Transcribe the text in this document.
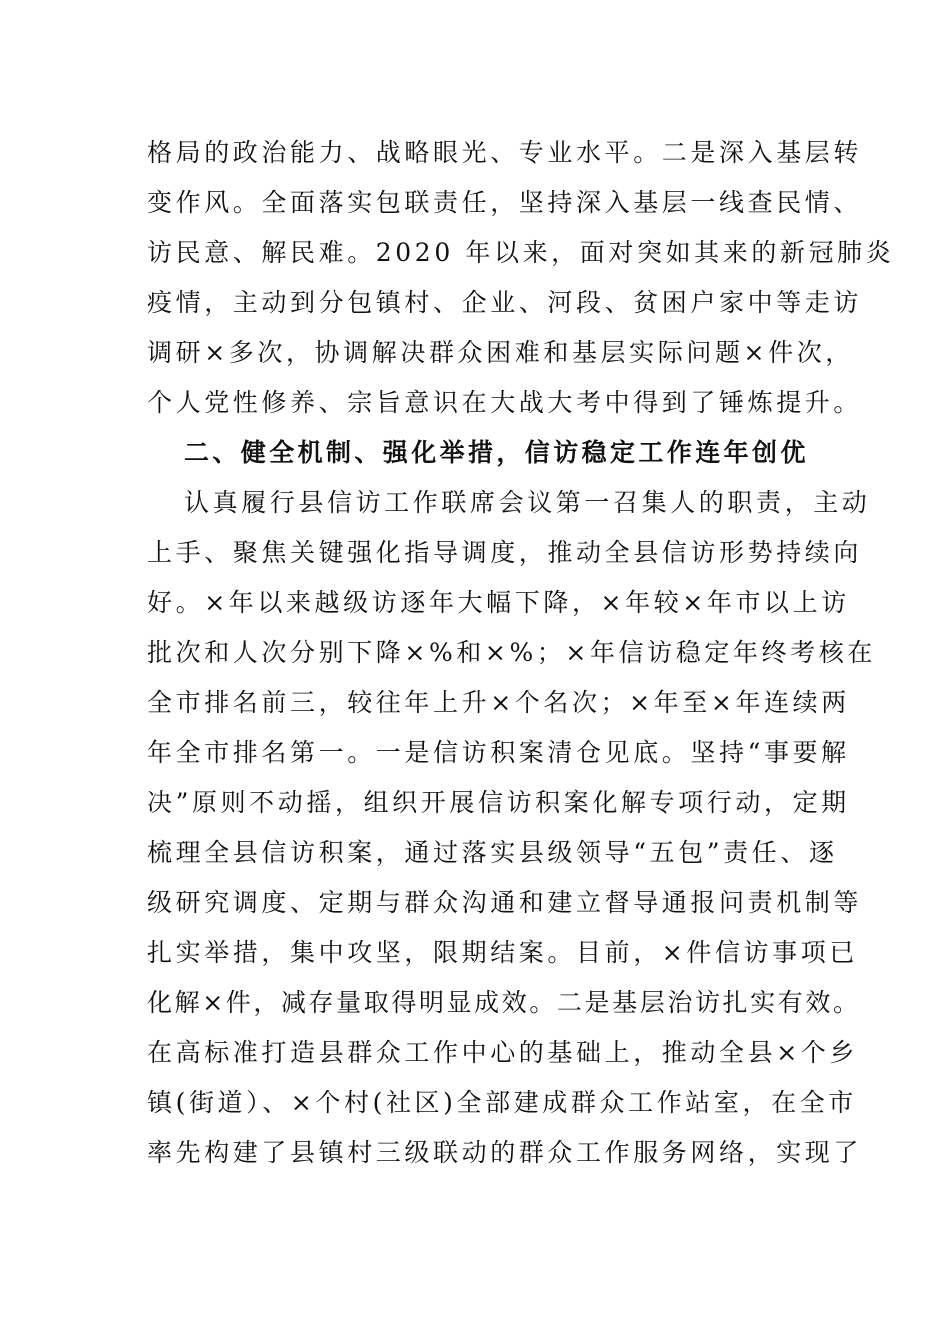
格局的政治能力、战略眼光、专业水平。二是深入基层转
变作风。全面落实包联责任，坚持深入基层一线查民情、
访民意、解民难。2020 年以来，面对突如其来的新冠肺炎
疫情，主动到分包镇村、企业、河段、贫困户家中等走访
调研×多次，协调解决群众困难和基层实际问题×件次，
个人党性修养、宗旨意识在大战大考中得到了锤炼提升。
二、健全机制、强化举措，信访稳定工作连年创优
认真履行县信访工作联席会议第一召集人的职责，主动
上手、聚焦关键强化指导调度，推动全县信访形势持续向
好。×年以来越级访逐年大幅下降，×年较×年市以上访
批次和人次分别下降×%和×%；×年信访稳定年终考核在
全市排名前三，较往年上升×个名次；×年至×年连续两
年全市排名第一。一是信访积案清仓见底。坚持“事要解
决”原则不动摇，组织开展信访积案化解专项行动，定期
梳理全县信访积案，通过落实县级领导“五包”责任、逐
级研究调度、定期与群众沟通和建立督导通报问责机制等
扎实举措，集中攻坚，限期结案。目前，×件信访事项已
化解×件，减存量取得明显成效。二是基层治访扎实有效。
在高标准打造县群众工作中心的基础上，推动全县×个乡
镇(街道）、×个村(社区)全部建成群众工作站室，在全市
率先构建了县镇村三级联动的群众工作服务网络，实现了
